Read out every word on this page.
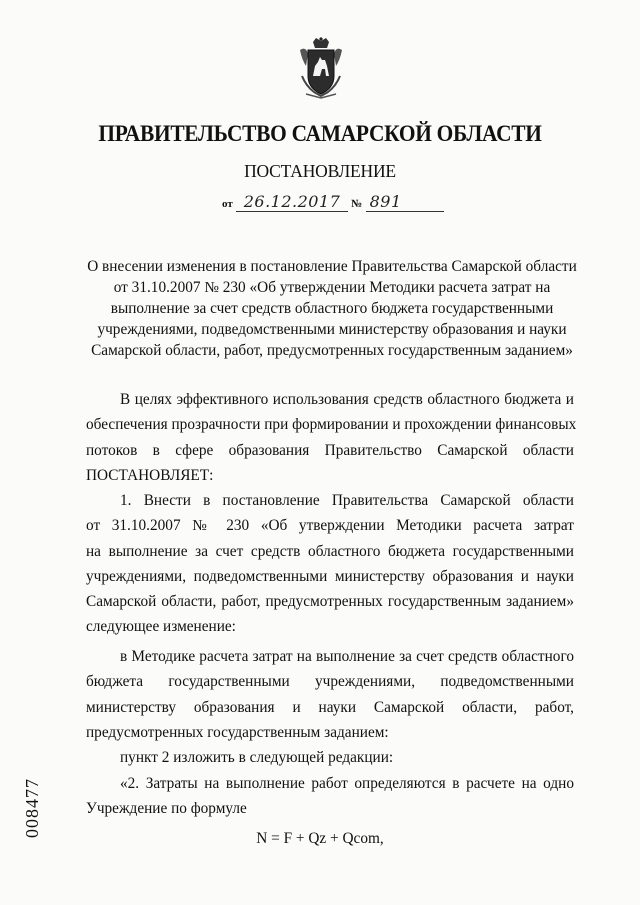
ПРАВИТЕЛЬСТВО САМАРСКОЙ ОБЛАСТИ
ПОСТАНОВЛЕНИЕ
от 26.12.2017 № 891
О внесении изменения в постановление Правительства Самарской области
от 31.10.2007 № 230 «Об утверждении Методики расчета затрат на
выполнение за счет средств областного бюджета государственными
учреждениями, подведомственными министерству образования и науки
Самарской области, работ, предусмотренных государственным заданием»
В целях эффективного использования средств областного бюджета и
обеспечения прозрачности при формировании и прохождении финансовых
потоков в сфере образования Правительство Самарской области
ПОСТАНОВЛЯЕТ:
1. Внести в постановление Правительства Самарской области
от 31.10.2007 № 230 «Об утверждении Методики расчета затрат
на выполнение за счет средств областного бюджета государственными
учреждениями, подведомственными министерству образования и науки
Самарской области, работ, предусмотренных государственным заданием»
следующее изменение:
в Методике расчета затрат на выполнение за счет средств областного
бюджета государственными учреждениями, подведомственными
министерству образования и науки Самарской области, работ,
предусмотренных государственным заданием:
пункт 2 изложить в следующей редакции:
«2. Затраты на выполнение работ определяются в расчете на одно
Учреждение по формуле
N = F + Qz + Qcom,
008477
